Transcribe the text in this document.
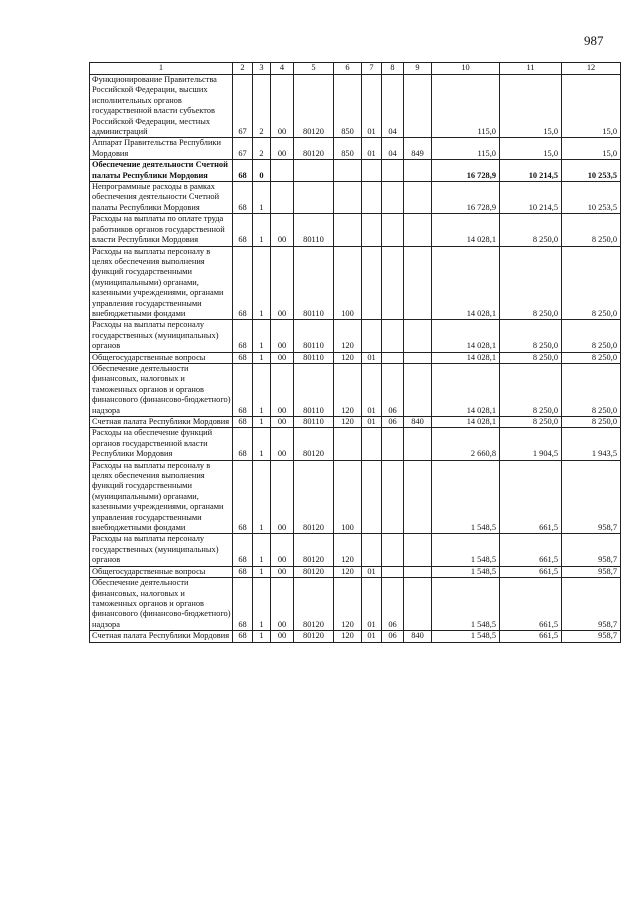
987
1	2	3	4	5	6	7	8	9	10	11	12
Функционирование Правительства Российской Федерации, высших исполнительных органов государственной власти субъектов Российской Федерации, местных администраций	67	2	00	80120	850	01	04		115,0	15,0	15,0
Аппарат Правительства Республики Мордовия	67	2	00	80120	850	01	04	849	115,0	15,0	15,0
Обеспечение деятельности Счетной палаты Республики Мордовия	68	0							16 728,9	10 214,5	10 253,5
Непрограммные расходы в рамках обеспечения деятельности Счетной палаты Республики Мордовия	68	1							16 728,9	10 214,5	10 253,5
Расходы на выплаты по оплате труда работников органов государственной власти Республики Мордовия	68	1	00	80110					14 028,1	8 250,0	8 250,0
Расходы на выплаты персоналу в целях обеспечения выполнения функций государственными (муниципальными) органами, казенными учреждениями, органами управления государственными внебюджетными фондами	68	1	00	80110	100				14 028,1	8 250,0	8 250,0
Расходы на выплаты персоналу государственных (муниципальных) органов	68	1	00	80110	120				14 028,1	8 250,0	8 250,0
Общегосударственные вопросы	68	1	00	80110	120	01			14 028,1	8 250,0	8 250,0
Обеспечение деятельности финансовых, налоговых и таможенных органов и органов финансового (финансово-бюджетного) надзора	68	1	00	80110	120	01	06		14 028,1	8 250,0	8 250,0
Счетная палата Республики Мордовия	68	1	00	80110	120	01	06	840	14 028,1	8 250,0	8 250,0
Расходы на обеспечение функций органов государственной власти Республики Мордовия	68	1	00	80120					2 660,8	1 904,5	1 943,5
Расходы на выплаты персоналу в целях обеспечения выполнения функций государственными (муниципальными) органами, казенными учреждениями, органами управления государственными внебюджетными фондами	68	1	00	80120	100				1 548,5	661,5	958,7
Расходы на выплаты персоналу государственных (муниципальных) органов	68	1	00	80120	120				1 548,5	661,5	958,7
Общегосударственные вопросы	68	1	00	80120	120	01			1 548,5	661,5	958,7
Обеспечение деятельности финансовых, налоговых и таможенных органов и органов финансового (финансово-бюджетного) надзора	68	1	00	80120	120	01	06		1 548,5	661,5	958,7
Счетная палата Республики Мордовия	68	1	00	80120	120	01	06	840	1 548,5	661,5	958,7
